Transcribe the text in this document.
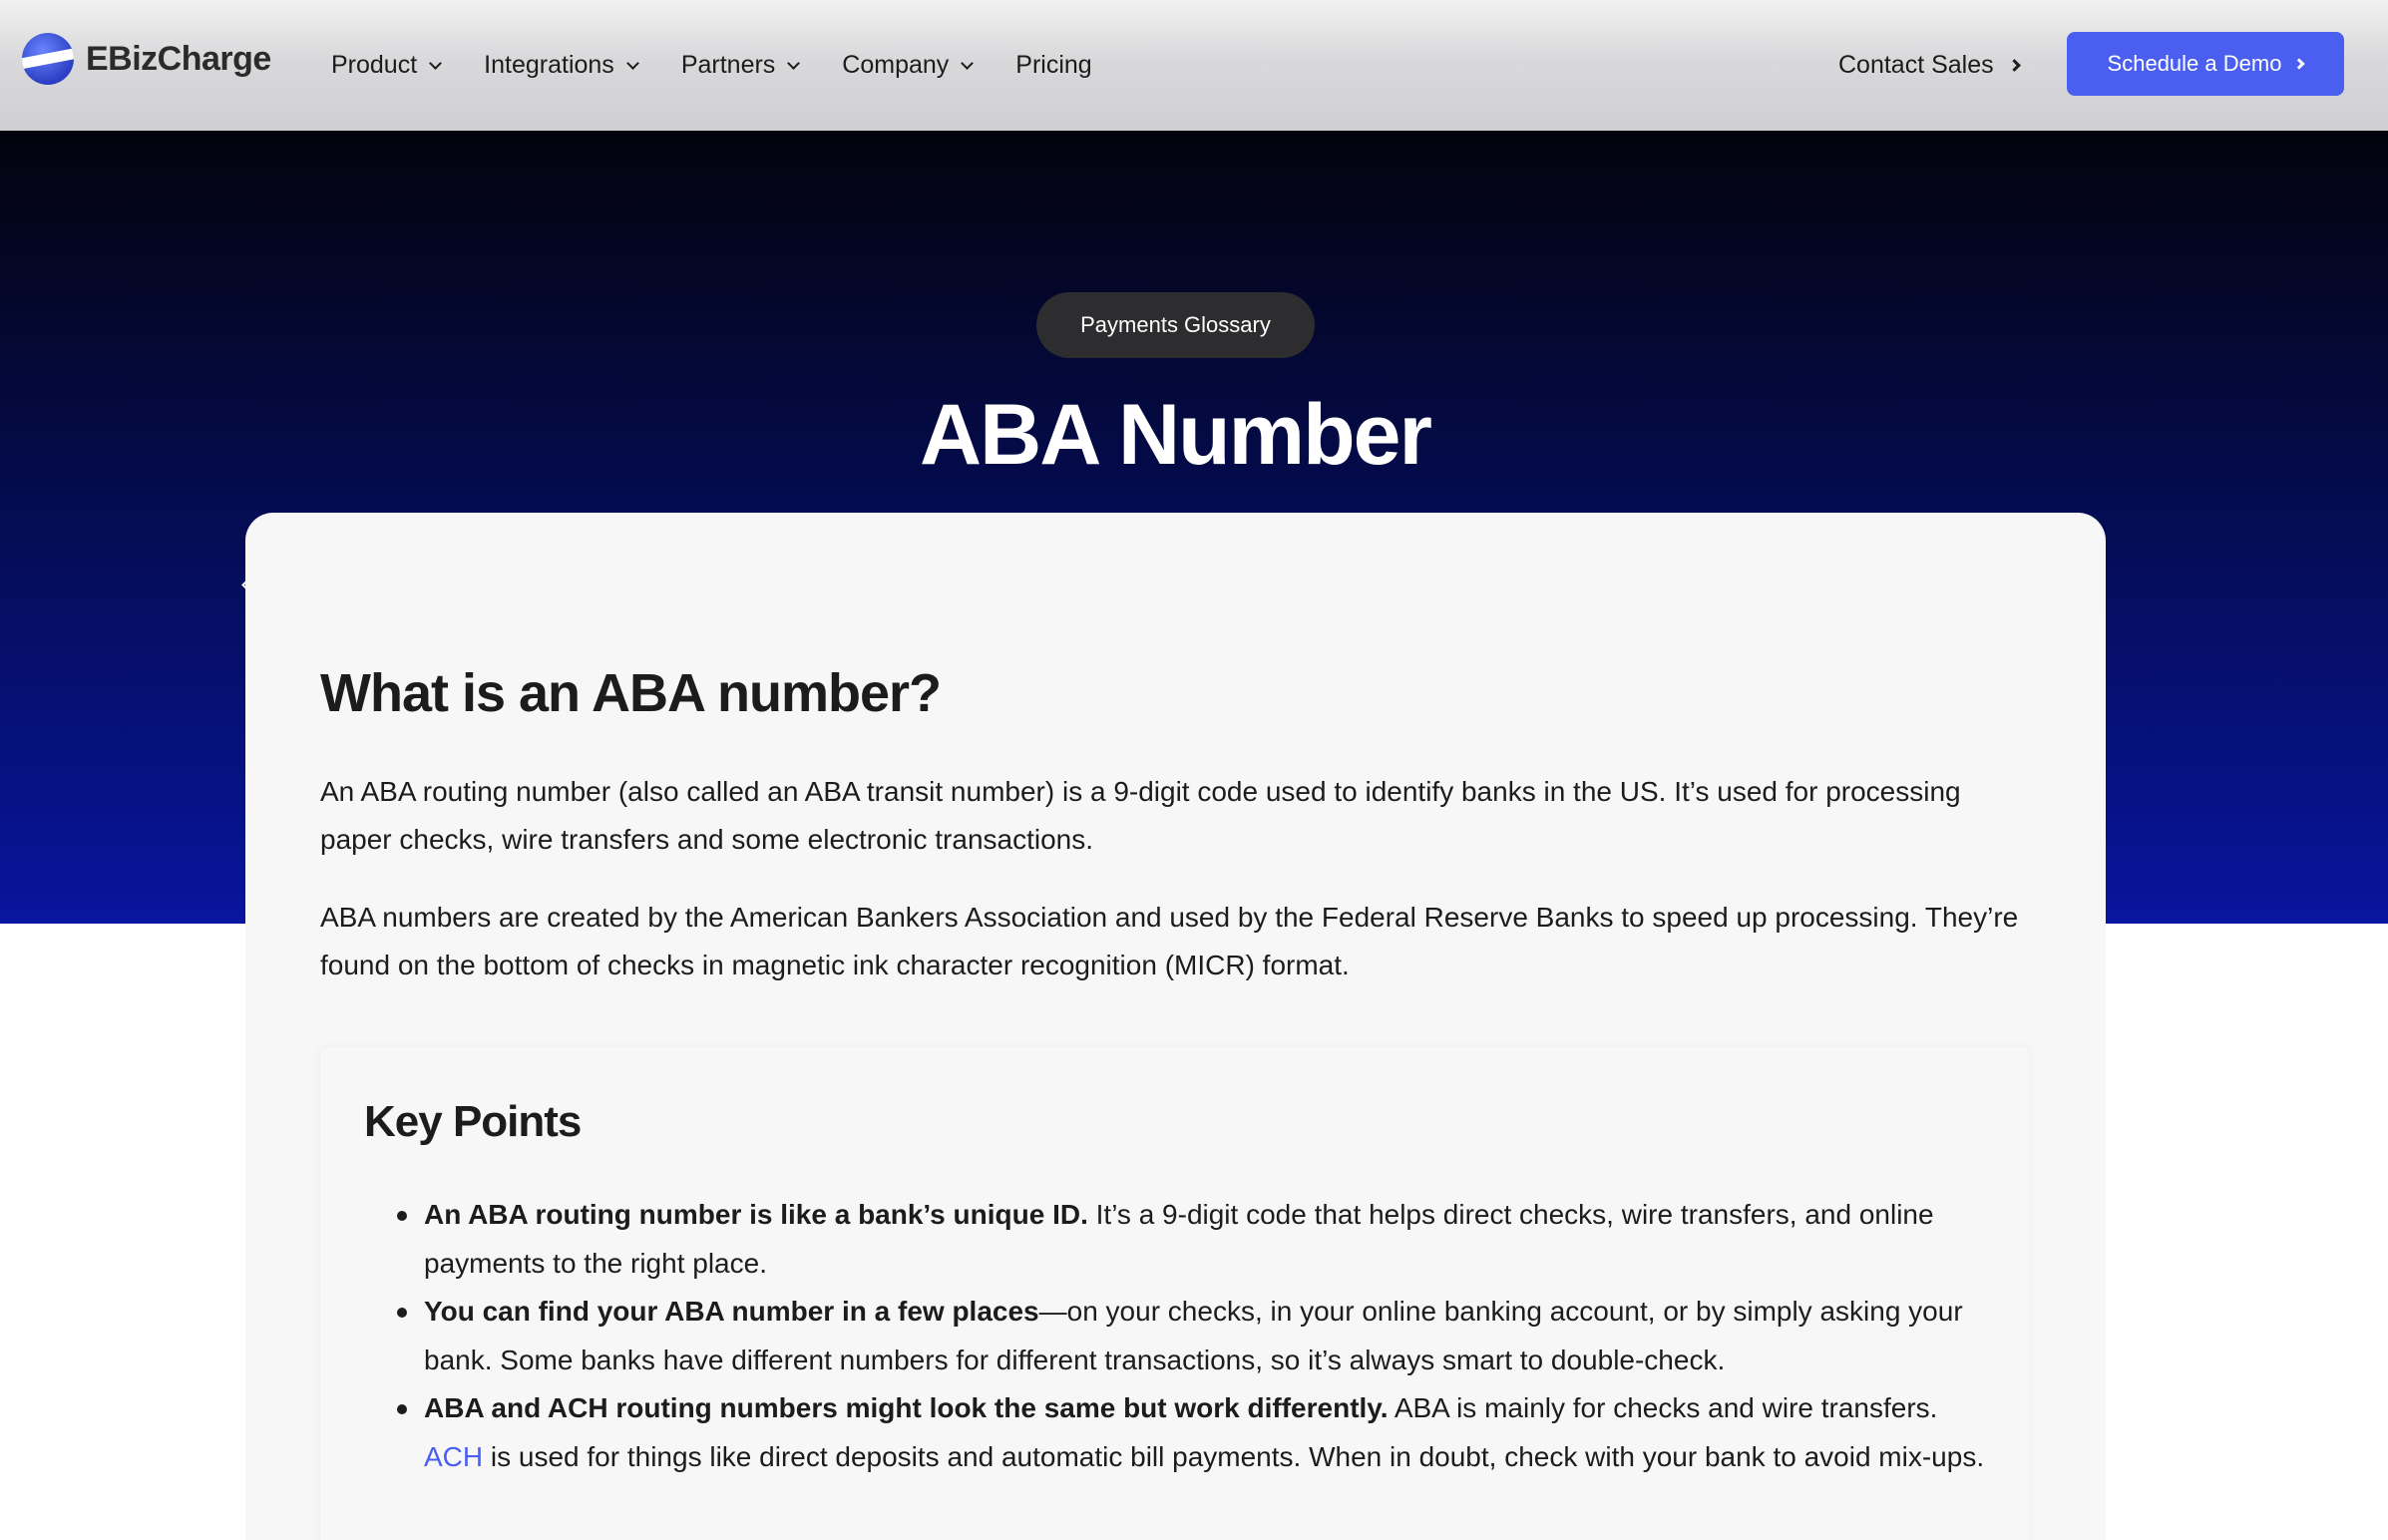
EBizCharge Product	Integrations	Partners	Company	Pricing	Contact Sales	Schedule a Demo
Payments Glossary
ABA Number
What is an ABA number?

An ABA routing number (also called an ABA transit number) is a 9-digit code used to identify banks in the US. It’s used for processing paper checks, wire transfers and some electronic transactions.

ABA numbers are created by the American Bankers Association and used by the Federal Reserve Banks to speed up processing. They’re found on the bottom of checks in magnetic ink character recognition (MICR) format.

Key Points
An ABA routing number is like a bank’s unique ID. It’s a 9-digit code that helps direct checks, wire transfers, and online payments to the right place.
You can find your ABA number in a few places—on your checks, in your online banking account, or by simply asking your bank. Some banks have different numbers for different transactions, so it’s always smart to double-check.
ABA and ACH routing numbers might look the same but work differently. ABA is mainly for checks and wire transfers. ACH is used for things like direct deposits and automatic bill payments. When in doubt, check with your bank to avoid mix-ups.
